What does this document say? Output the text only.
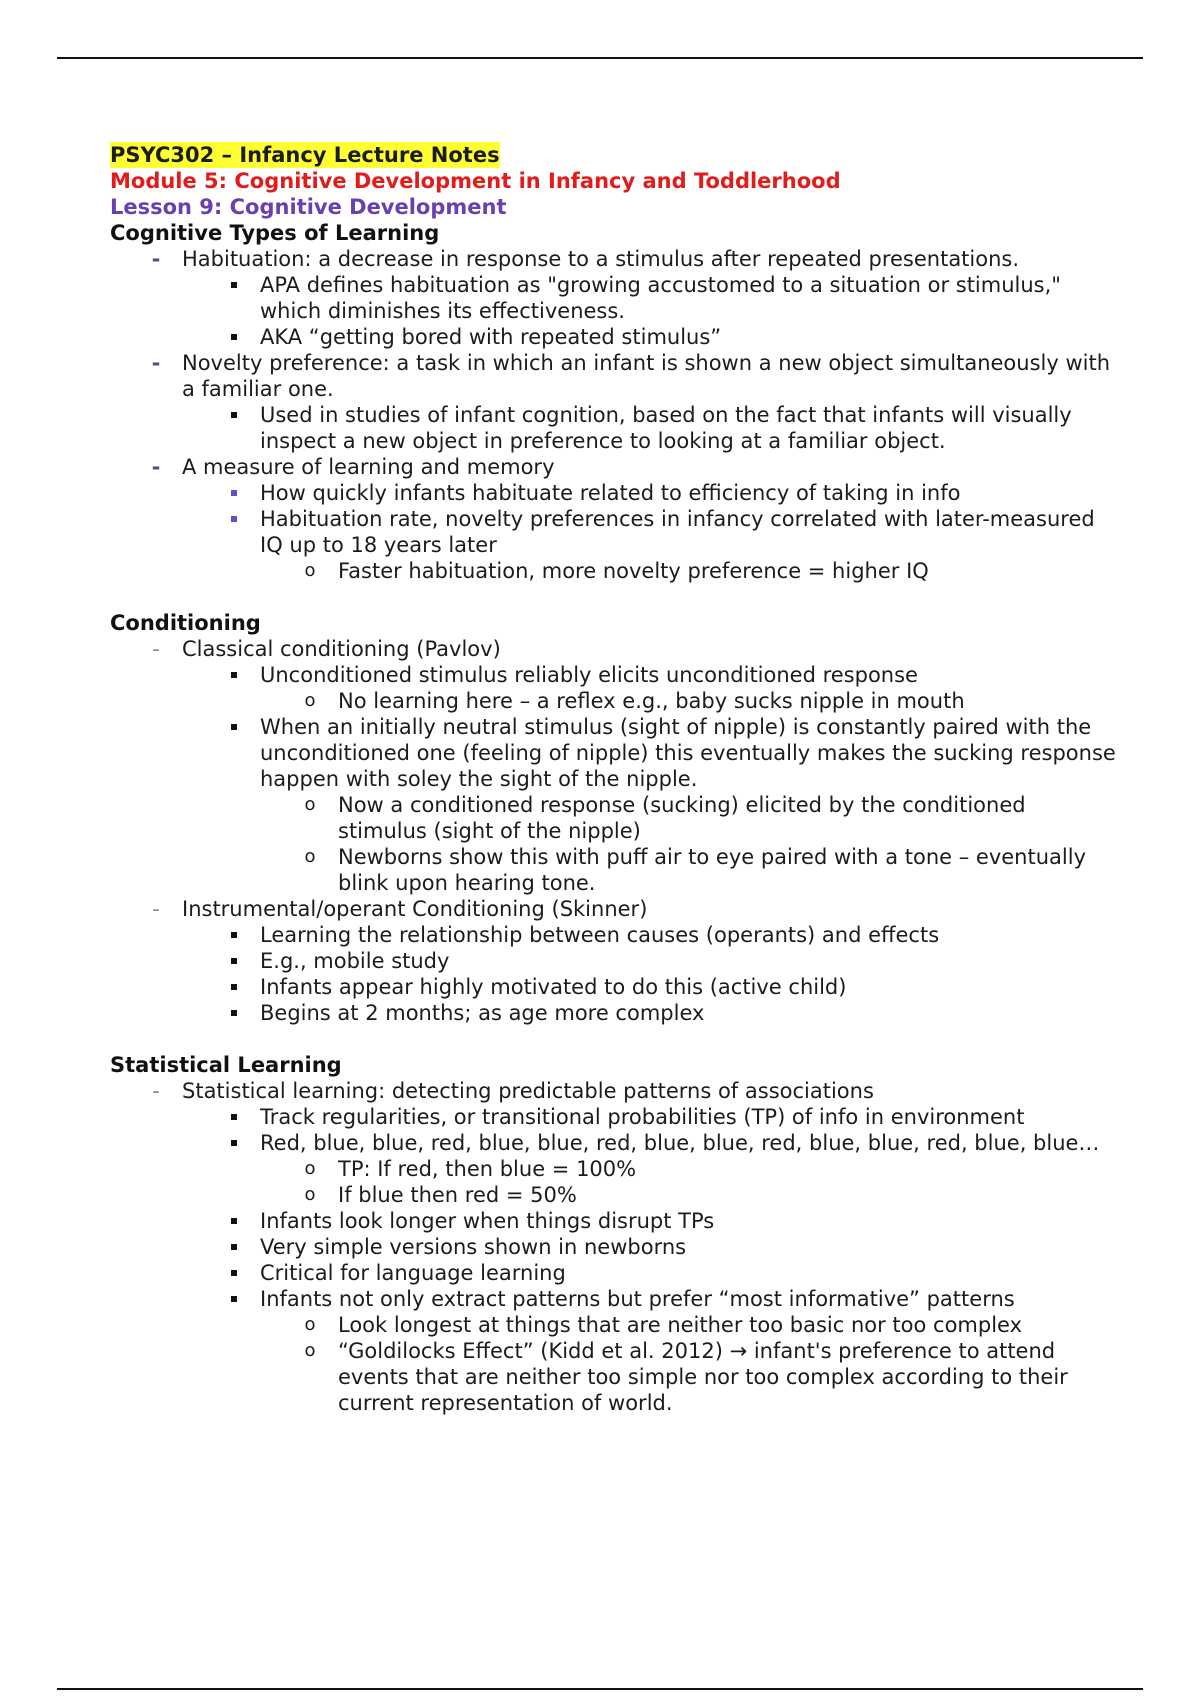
PSYC302 – Infancy Lecture Notes
Module 5: Cognitive Development in Infancy and Toddlerhood
Lesson 9: Cognitive Development
Cognitive Types of Learning
-
Habituation: a decrease in response to a stimulus after repeated presentations.
APA defines habituation as "growing accustomed to a situation or stimulus," which diminishes its effectiveness.
AKA “getting bored with repeated stimulus”
-
Novelty preference: a task in which an infant is shown a new object simultaneously with a familiar one.
Used in studies of infant cognition, based on the fact that infants will visually inspect a new object in preference to looking at a familiar object.
-
A measure of learning and memory
How quickly infants habituate related to efficiency of taking in info
Habituation rate, novelty preferences in infancy correlated with later-measured IQ up to 18 years later
o
Faster habituation, more novelty preference = higher IQ
Conditioning
-
Classical conditioning (Pavlov)
Unconditioned stimulus reliably elicits unconditioned response
o
No learning here – a reflex e.g., baby sucks nipple in mouth
When an initially neutral stimulus (sight of nipple) is constantly paired with the unconditioned one (feeling of nipple) this eventually makes the sucking response happen with soley the sight of the nipple.
o
Now a conditioned response (sucking) elicited by the conditioned stimulus (sight of the nipple)
o
Newborns show this with puff air to eye paired with a tone – eventually blink upon hearing tone.
-
Instrumental/operant Conditioning (Skinner)
Learning the relationship between causes (operants) and effects
E.g., mobile study
Infants appear highly motivated to do this (active child)
Begins at 2 months; as age more complex
Statistical Learning
-
Statistical learning: detecting predictable patterns of associations
Track regularities, or transitional probabilities (TP) of info in environment
Red, blue, blue, red, blue, blue, red, blue, blue, red, blue, blue, red, blue, blue…
o
TP: If red, then blue = 100%
o
If blue then red = 50%
Infants look longer when things disrupt TPs
Very simple versions shown in newborns
Critical for language learning
Infants not only extract patterns but prefer “most informative” patterns
o
Look longest at things that are neither too basic nor too complex
o
“Goldilocks Effect” (Kidd et al. 2012) → infant's preference to attend events that are neither too simple nor too complex according to their current representation of world.
